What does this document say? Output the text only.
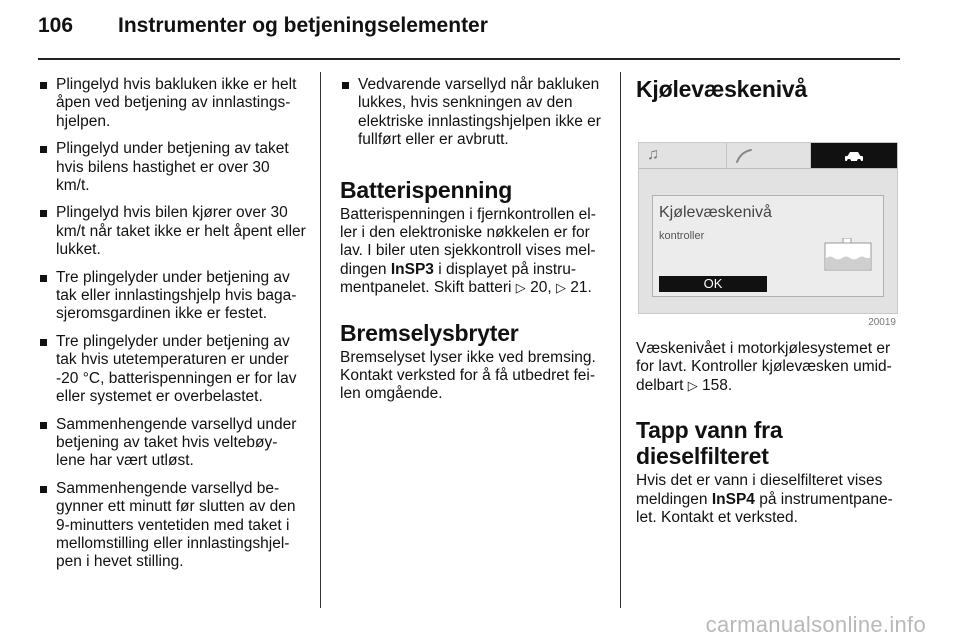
106	Instrumenter og betjeningselementer
Plingelyd hvis bakluken ikke er helt åpen ved betjening av innlastings-hjelpen.
Plingelyd under betjening av taket hvis bilens hastighet er over 30 km/t.
Plingelyd hvis bilen kjører over 30 km/t når taket ikke er helt åpent eller lukket.
Tre plingelyder under betjening av tak eller innlastingshjelp hvis baga-sjeromsgardinen ikke er festet.
Tre plingelyder under betjening av tak hvis utetemperaturen er under -20 °C, batterispenningen er for lav eller systemet er overbelastet.
Sammenhengende varsellyd under betjening av taket hvis veltebøy-lene har vært utløst.
Sammenhengende varsellyd be-gynner ett minutt før slutten av den 9-minutters ventetiden med taket i mellomstilling eller innlastingshjel-pen i hevet stilling.
Vedvarende varsellyd når bakluken lukkes, hvis senkningen av den elektriske innlastingshjelpen ikke er fullført eller er avbrutt.
Batterispenning

Batterispenningen i fjernkontrollen el-ler i den elektroniske nøkkelen er for lav. I biler uten sjekkontroll vises mel-dingen InSP3 i displayet på instru-mentpanelet. Skift batteri ▷ 20, ▷ 21.

Bremselysbryter

Bremselyset lyser ikke ved bremsing. Kontakt verksted for å få utbedret fei-len omgående.

Kjølevæskenivå
♫
Kjølevæskenivå
kontroller
OK
20019

Væskenivået i motorkjølesystemet er for lavt. Kontroller kjølevæsken umid-delbart ▷ 158.

Tapp vann fra dieselfilteret

Hvis det er vann i dieselfilteret vises meldingen InSP4 på instrumentpane-let. Kontakt et verksted.

carmanualsonline.info
